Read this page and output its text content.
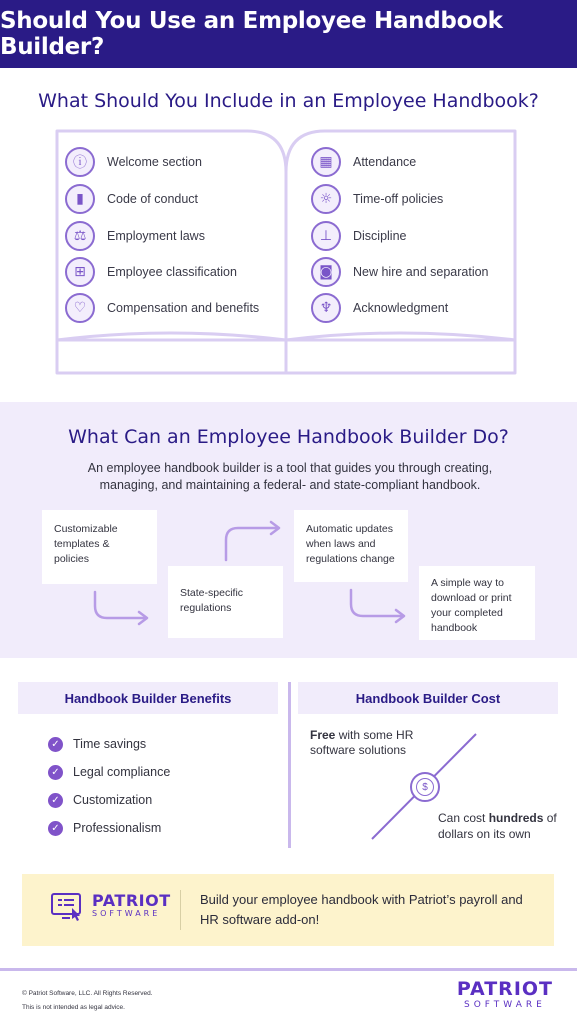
Should You Use an Employee Handbook Builder?
What Should You Include in an Employee Handbook?
ⓘ	Welcome section
▮	Code of conduct
⚖	Employment laws
⊞	Employee classification
♡	Compensation and benefits
▦	Attendance
☼	Time-off policies
⊥	Discipline
◙	New hire and separation
♆	Acknowledgment
What Can an Employee Handbook Builder Do?

An employee handbook builder is a tool that guides you through creating, managing, and maintaining a federal- and state-compliant handbook.

Customizable templates & policies
State-specific regulations
Automatic updates when laws and regulations change
A simple way to download or print your completed handbook
Handbook Builder Benefits
✓ Time savings
✓ Legal compliance
✓ Customization
✓ Professionalism
Handbook Builder Cost
Free with some HR software solutions
$
Can cost hundreds of dollars on its own
PATRIOT
SOFTWARE
Build your employee handbook with Patriot’s payroll and HR software add-on!
© Patriot Software, LLC. All Rights Reserved.
This is not intended as legal advice.
PATRIOT
SOFTWARE
